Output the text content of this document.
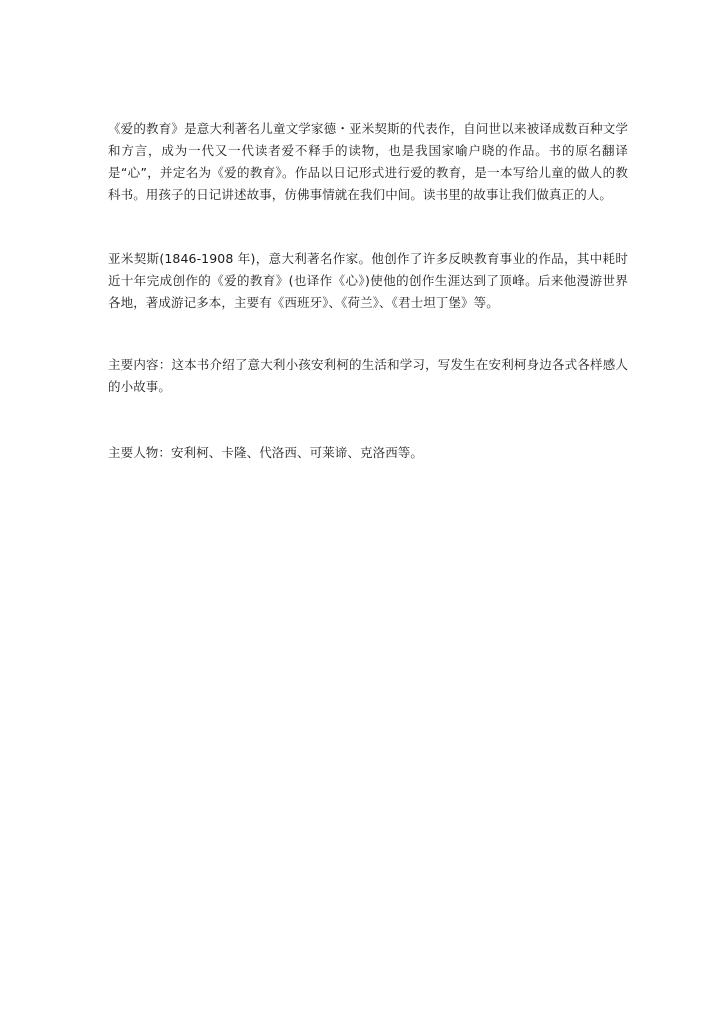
《爱的教育》是意大利著名儿童文学家德・亚米契斯的代表作，自问世以来被译成数百种文学和方言，成为一代又一代读者爱不释手的读物，也是我国家喻户晓的作品。书的原名翻译是“心”，并定名为《爱的教育》。作品以日记形式进行爱的教育，是一本写给儿童的做人的教科书。用孩子的日记讲述故事，仿佛事情就在我们中间。读书里的故事让我们做真正的人。

亚米契斯(1846-1908 年)，意大利著名作家。他创作了许多反映教育事业的作品，其中耗时近十年完成创作的《爱的教育》(也译作《心》)使他的创作生涯达到了顶峰。后来他漫游世界各地，著成游记多本，主要有《西班牙》、《荷兰》、《君士坦丁堡》等。

主要内容：这本书介绍了意大利小孩安利柯的生活和学习，写发生在安利柯身边各式各样感人的小故事。

主要人物：安利柯、卡隆、代洛西、可莱谛、克洛西等。
